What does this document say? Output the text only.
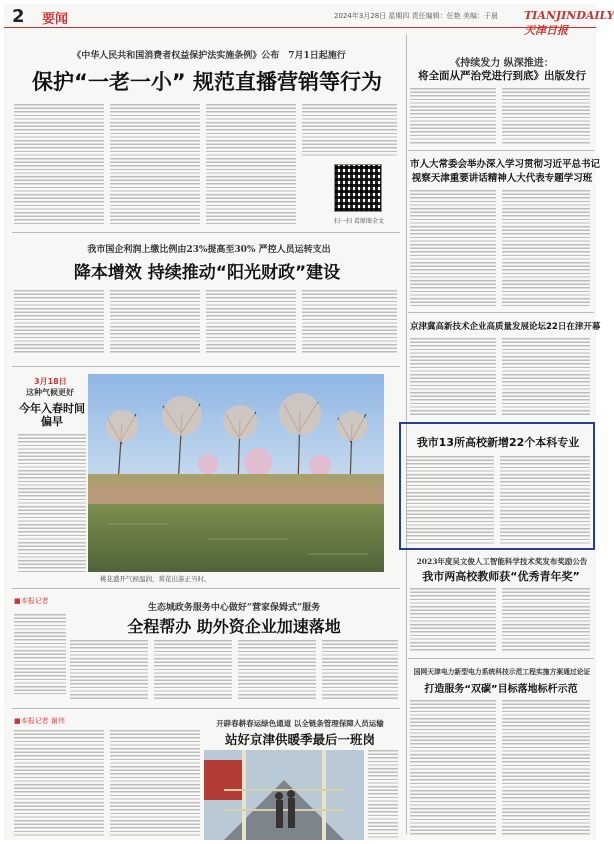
2 要闻	2024年3月28日 星期四 责任编辑：任艳 美编：于晨 TIANJINDAILY 天津日报
《中华人民共和国消费者权益保护法实施条例》公布　7月1日起施行
保护“一老一小” 规范直播营销等行为
扫一扫 看原图全文
我市国企利润上缴比例由23%提高至30% 严控人员运转支出
降本增效 持续推动“阳光财政”建设
3月18日
这种气候更好
今年入春时间偏早
桃花盛开气候温润，赏花出游正当时。
■本报记者
生态城政务服务中心做好“营家保姆式”服务
全程帮办 助外资企业加速落地
■本报记者 谢伟	开辟春耕春运绿色通道 以全链条管理保障人员运输
站好京津供暖季最后一班岗
《持续发力 纵深推进：
将全面从严治党进行到底》出版发行
市人大常委会举办深入学习贯彻习近平总书记
视察天津重要讲话精神人大代表专题学习班
京津冀高新技术企业高质量发展论坛22日在津开幕
我市13所高校新增22个本科专业
2023年度吴文俊人工智能科学技术奖发布奖励公告
我市两高校教师获“优秀青年奖”
国网天津电力新型电力系统科技示范工程实施方案通过论证
打造服务“双碳”目标落地标杆示范
